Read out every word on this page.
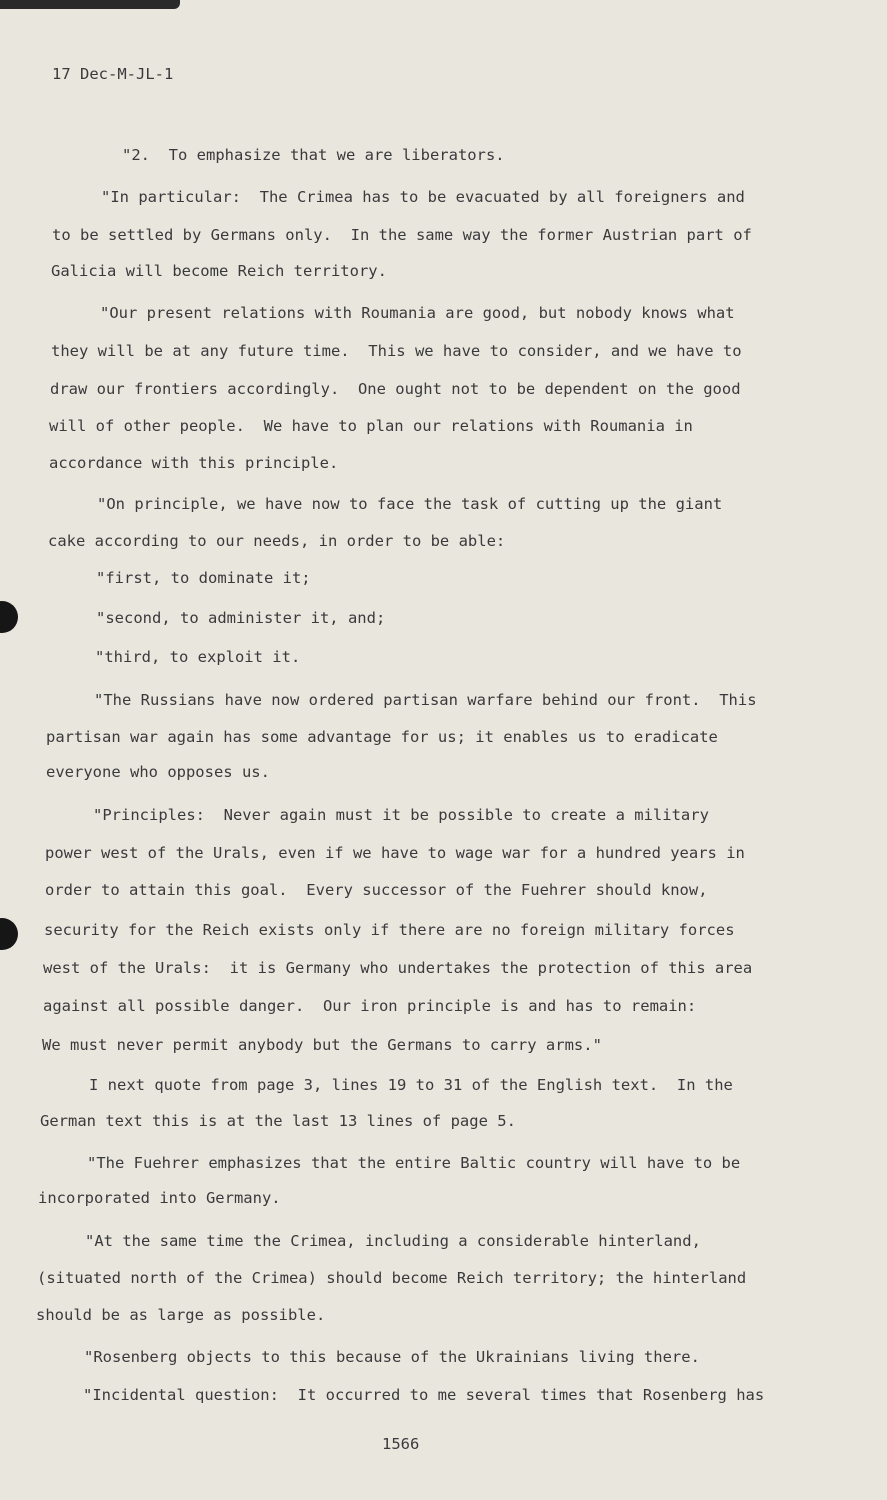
17 Dec-M-JL-1
"2.  To emphasize that we are liberators.
"In particular:  The Crimea has to be evacuated by all foreigners and
to be settled by Germans only.  In the same way the former Austrian part of
Galicia will become Reich territory.
"Our present relations with Roumania are good, but nobody knows what
they will be at any future time.  This we have to consider, and we have to
draw our frontiers accordingly.  One ought not to be dependent on the good
will of other people.  We have to plan our relations with Roumania in
accordance with this principle.
"On principle, we have now to face the task of cutting up the giant
cake according to our needs, in order to be able:
"first, to dominate it;
"second, to administer it, and;
"third, to exploit it.
"The Russians have now ordered partisan warfare behind our front.  This
partisan war again has some advantage for us; it enables us to eradicate
everyone who opposes us.
"Principles:  Never again must it be possible to create a military
power west of the Urals, even if we have to wage war for a hundred years in
order to attain this goal.  Every successor of the Fuehrer should know,
security for the Reich exists only if there are no foreign military forces
west of the Urals:  it is Germany who undertakes the protection of this area
against all possible danger.  Our iron principle is and has to remain:
We must never permit anybody but the Germans to carry arms."
I next quote from page 3, lines 19 to 31 of the English text.  In the
German text this is at the last 13 lines of page 5.
"The Fuehrer emphasizes that the entire Baltic country will have to be
incorporated into Germany.
"At the same time the Crimea, including a considerable hinterland,
(situated north of the Crimea) should become Reich territory; the hinterland
should be as large as possible.
"Rosenberg objects to this because of the Ukrainians living there.
"Incidental question:  It occurred to me several times that Rosenberg has
1566
